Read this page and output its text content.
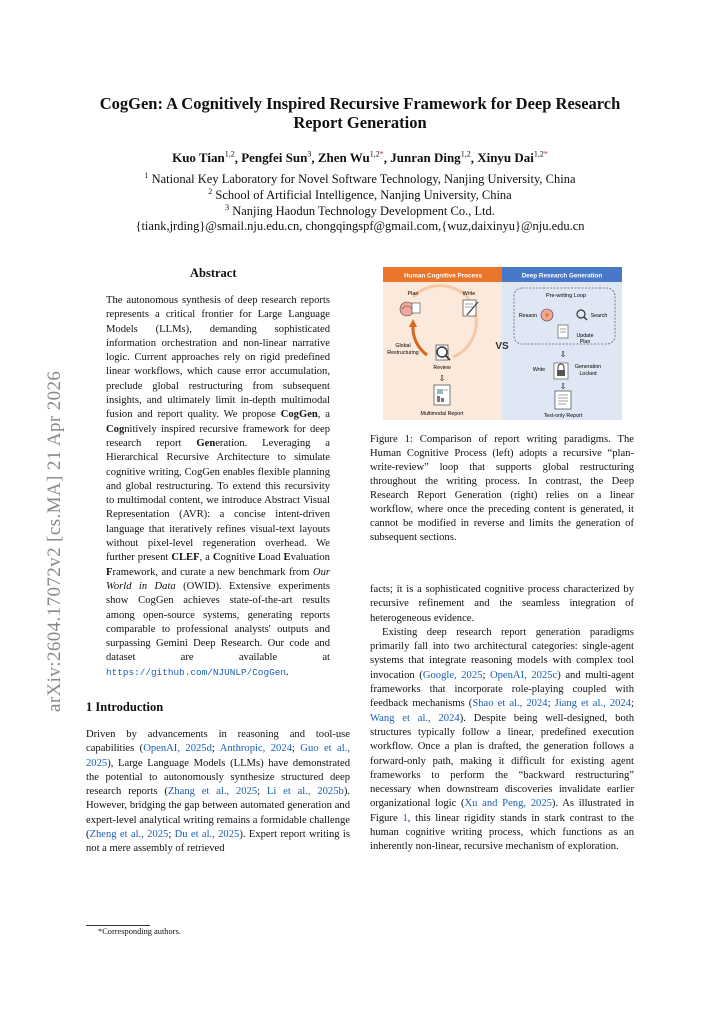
arXiv:2604.17072v2 [cs.MA] 21 Apr 2026
CogGen: A Cognitively Inspired Recursive Framework for Deep Research
Report Generation
Kuo Tian$^{1,2}$, Pengfei Sun$^3$, Zhen $Wu^{1,2*}$, Junran Ding$^{1,2}$, Xinyu Dai$^{1,2*}$
$^1$ National Key Laboratory for Novel Software Technology, Nanjing University, China
$^2$ School of Artificial Intelligence, Nanjing University, China
$^3$ Nanjing Haodun Technology Development Co., Ltd.
{tiank,jrding}@smail.nju.edu.cn, chongqingspf@gmail.com,{wuz,daixinyu}@nju.edu.cn
Abstract
The autonomous synthesis of deep research reports represents a critical frontier for Large Language Models (LLMs), demanding sophisticated information orchestration and non-linear narrative logic. Current approaches rely on rigid predefined linear workflows, which cause error accumulation, preclude global restructuring from subsequent insights, and ultimately limit in-depth multimodal fusion and report quality. We propose CogGen, a Cognitively inspired recursive framework for deep research report Generation. Leveraging a Hierarchical Recursive Architecture to simulate cognitive writing, CogGen enables flexible planning and global restructuring. To extend this recursivity to multimodal content, we introduce Abstract Visual Representation (AVR): a concise intent-driven language that iteratively refines visual-text layouts without pixel-level regeneration overhead. We further present CLEF, a Cognitive Load Evaluation Framework, and curate a new benchmark from Our World in Data (OWID). Extensive experiments show CogGen achieves state-of-the-art results among open-source systems, generating reports comparable to professional analysts' outputs and surpassing Gemini Deep Research. Our code and dataset are available at https://github.com/NJUNLP/CogGen.
1 Introduction
Driven by advancements in reasoning and tool-use capabilities (OpenAI, 2025d; Anthropic, 2024; Guo et al., 2025), Large Language Models (LLMs) have demonstrated the potential to autonomously synthesize structured deep research reports (Zhang et al., 2025; Li et al., 2025b). However, bridging the gap between automated generation and expert-level analytical writing remains a formidable challenge (Zheng et al., 2025; Du et al., 2025). Expert report writing is not a mere assembly of retrieved
*Corresponding authors.
Human Cognitive Process	Deep Research Generation
Plan	Write
Global
Restructuring
Review
⇩
Multimodal Report
VS
Pre-writing Loop
Reason	Search
Update
Plan
⇩
Write	Generation
Locked
⇩
Text-only Report
Figure 1: Comparison of report writing paradigms. The Human Cognitive Process (left) adopts a recursive “plan-write-review” loop that supports global restructuring throughout the writing process. In contrast, the Deep Research Report Generation (right) relies on a linear workflow, where once the preceding content is generated, it cannot be modified in reverse and limits the generation of subsequent sections.

facts; it is a sophisticated cognitive process characterized by recursive refinement and the seamless integration of heterogeneous evidence.

Existing deep research report generation paradigms primarily fall into two architectural categories: single-agent systems that integrate reasoning models with complex tool invocation (Google, 2025; OpenAI, 2025c) and multi-agent frameworks that incorporate role-playing coupled with feedback mechanisms (Shao et al., 2024; Jiang et al., 2024; Wang et al., 2024). Despite being well-designed, both structures typically follow a linear, predefined execution workflow. Once a plan is drafted, the generation follows a forward-only path, making it difficult for existing agent frameworks to perform the “backward restructuring” necessary when downstream discoveries invalidate earlier organizational logic (Xu and Peng, 2025). As illustrated in Figure 1, this linear rigidity stands in stark contrast to the human cognitive writing process, which functions as an inherently non-linear, recursive mechanism of exploration.
